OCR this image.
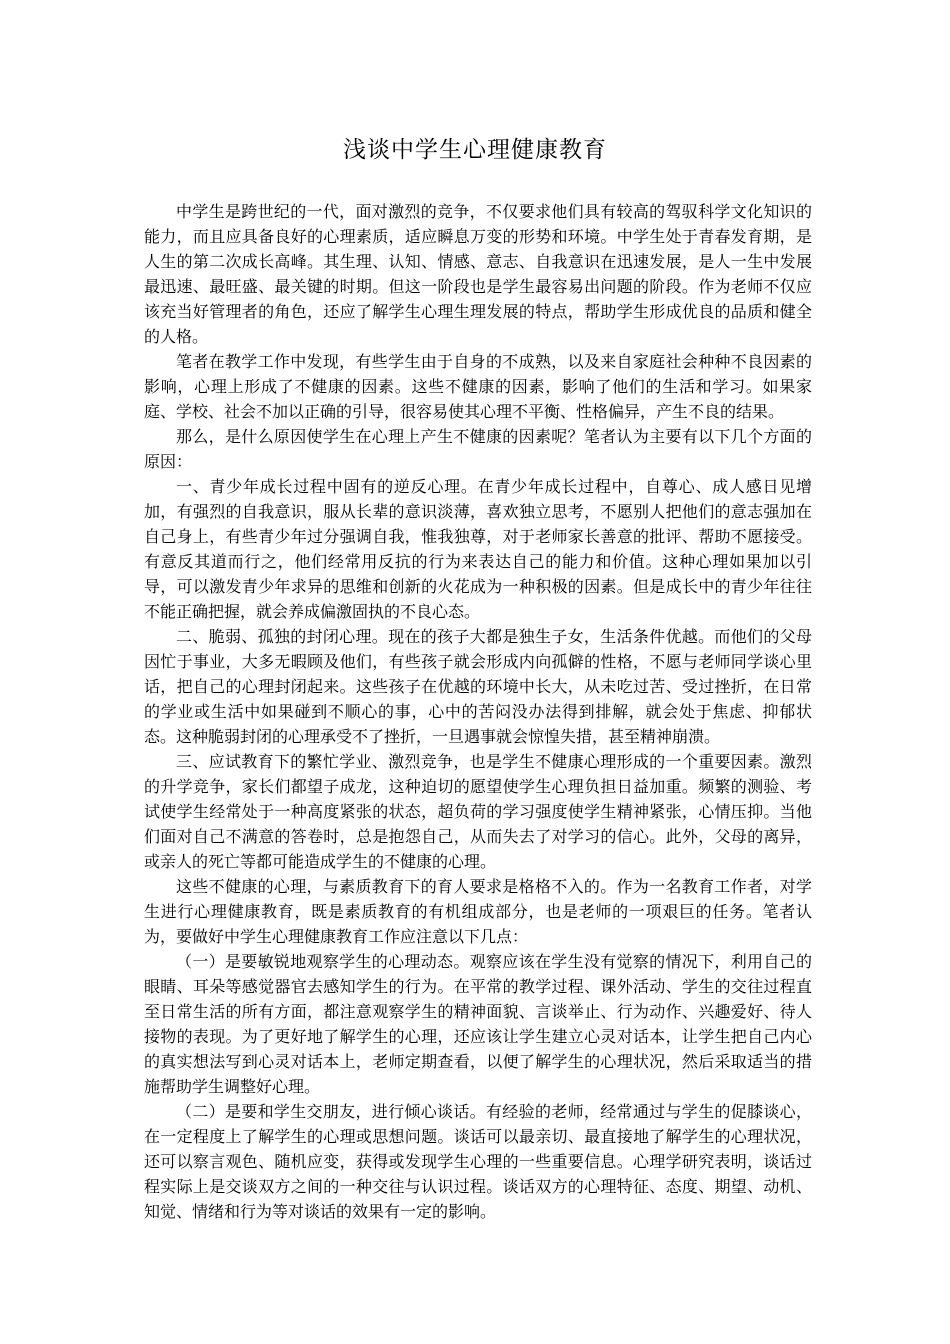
浅谈中学生心理健康教育

中学生是跨世纪的一代，面对激烈的竞争，不仅要求他们具有较高的驾驭科学文化知识的能力，而且应具备良好的心理素质，适应瞬息万变的形势和环境。中学生处于青春发育期，是人生的第二次成长高峰。其生理、认知、情感、意志、自我意识在迅速发展，是人一生中发展最迅速、最旺盛、最关键的时期。但这一阶段也是学生最容易出问题的阶段。作为老师不仅应该充当好管理者的角色，还应了解学生心理生理发展的特点，帮助学生形成优良的品质和健全的人格。

笔者在教学工作中发现，有些学生由于自身的不成熟，以及来自家庭社会种种不良因素的影响，心理上形成了不健康的因素。这些不健康的因素，影响了他们的生活和学习。如果家庭、学校、社会不加以正确的引导，很容易使其心理不平衡、性格偏异，产生不良的结果。

那么，是什么原因使学生在心理上产生不健康的因素呢？笔者认为主要有以下几个方面的原因：

一、青少年成长过程中固有的逆反心理。在青少年成长过程中，自尊心、成人感日见增加，有强烈的自我意识，服从长辈的意识淡薄，喜欢独立思考，不愿别人把他们的意志强加在自己身上，有些青少年过分强调自我，惟我独尊，对于老师家长善意的批评、帮助不愿接受。有意反其道而行之，他们经常用反抗的行为来表达自己的能力和价值。这种心理如果加以引导，可以激发青少年求异的思维和创新的火花成为一种积极的因素。但是成长中的青少年往往不能正确把握，就会养成偏激固执的不良心态。

二、脆弱、孤独的封闭心理。现在的孩子大都是独生子女，生活条件优越。而他们的父母因忙于事业，大多无暇顾及他们，有些孩子就会形成内向孤僻的性格，不愿与老师同学谈心里话，把自己的心理封闭起来。这些孩子在优越的环境中长大，从未吃过苦、受过挫折，在日常的学业或生活中如果碰到不顺心的事，心中的苦闷没办法得到排解，就会处于焦虑、抑郁状态。这种脆弱封闭的心理承受不了挫折，一旦遇事就会惊惶失措，甚至精神崩溃。

三、应试教育下的繁忙学业、激烈竞争，也是学生不健康心理形成的一个重要因素。激烈的升学竞争，家长们都望子成龙，这种迫切的愿望使学生心理负担日益加重。频繁的测验、考试使学生经常处于一种高度紧张的状态，超负荷的学习强度使学生精神紧张，心情压抑。当他们面对自己不满意的答卷时，总是抱怨自己，从而失去了对学习的信心。此外，父母的离异，或亲人的死亡等都可能造成学生的不健康的心理。

这些不健康的心理，与素质教育下的育人要求是格格不入的。作为一名教育工作者，对学生进行心理健康教育，既是素质教育的有机组成部分，也是老师的一项艰巨的任务。笔者认为，要做好中学生心理健康教育工作应注意以下几点：

（一）是要敏锐地观察学生的心理动态。观察应该在学生没有觉察的情况下，利用自己的眼睛、耳朵等感觉器官去感知学生的行为。在平常的教学过程、课外活动、学生的交往过程直至日常生活的所有方面，都注意观察学生的精神面貌、言谈举止、行为动作、兴趣爱好、待人接物的表现。为了更好地了解学生的心理，还应该让学生建立心灵对话本，让学生把自己内心的真实想法写到心灵对话本上，老师定期查看，以便了解学生的心理状况，然后采取适当的措施帮助学生调整好心理。

（二）是要和学生交朋友，进行倾心谈话。有经验的老师，经常通过与学生的促膝谈心，在一定程度上了解学生的心理或思想问题。谈话可以最亲切、最直接地了解学生的心理状况，还可以察言观色、随机应变，获得或发现学生心理的一些重要信息。心理学研究表明，谈话过程实际上是交谈双方之间的一种交往与认识过程。谈话双方的心理特征、态度、期望、动机、知觉、情绪和行为等对谈话的效果有一定的影响。
